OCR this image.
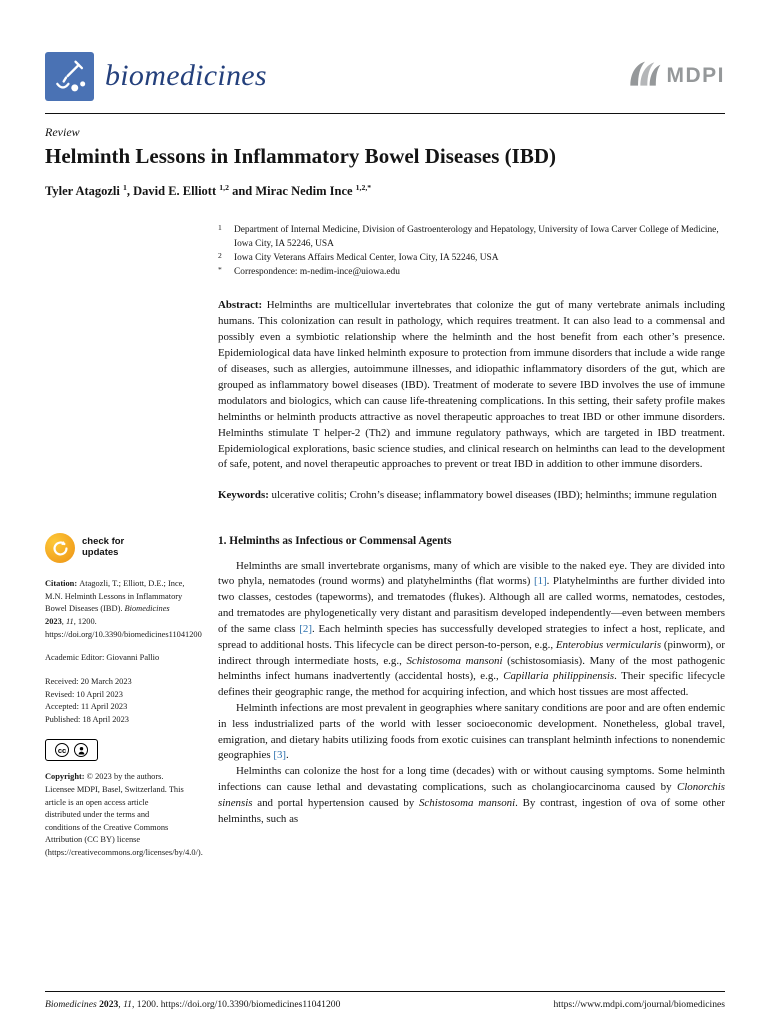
biomedicines	MDPI
Review
Helminth Lessons in Inflammatory Bowel Diseases (IBD)
Tyler Atagozli $^1$, David E. Elliott $^{1,2}$ and Mirac Nedim Ince $^{1,2,*}$
1	Department of Internal Medicine, Division of Gastroenterology and Hepatology, University of Iowa Carver College of Medicine, Iowa City, IA 52246, USA
2	Iowa City Veterans Affairs Medical Center, Iowa City, IA 52246, USA
*	Correspondence: m-nedim-ince@uiowa.edu
Abstract: Helminths are multicellular invertebrates that colonize the gut of many vertebrate animals including humans. This colonization can result in pathology, which requires treatment. It can also lead to a commensal and possibly even a symbiotic relationship where the helminth and the host benefit from each other’s presence. Epidemiological data have linked helminth exposure to protection from immune disorders that include a wide range of diseases, such as allergies, autoimmune illnesses, and idiopathic inflammatory disorders of the gut, which are grouped as inflammatory bowel diseases (IBD). Treatment of moderate to severe IBD involves the use of immune modulators and biologics, which can cause life-threatening complications. In this setting, their safety profile makes helminths or helminth products attractive as novel therapeutic approaches to treat IBD or other immune disorders. Helminths stimulate T helper-2 (Th2) and immune regulatory pathways, which are targeted in IBD treatment. Epidemiological explorations, basic science studies, and clinical research on helminths can lead to the development of safe, potent, and novel therapeutic approaches to prevent or treat IBD in addition to other immune disorders.
Keywords: ulcerative colitis; Crohn’s disease; inflammatory bowel diseases (IBD); helminths; immune regulation
check for
updates
Citation: Atagozli, T.; Elliott, D.E.; Ince, M.N. Helminth Lessons in Inflammatory Bowel Diseases (IBD). Biomedicines 2023, 11, 1200. https://doi.org/10.3390/biomedicines11041200
Academic Editor: Giovanni Pallio
Received: 20 March 2023
Revised: 10 April 2023
Accepted: 11 April 2023
Published: 18 April 2023
cc
Copyright: © 2023 by the authors. Licensee MDPI, Basel, Switzerland. This article is an open access article distributed under the terms and conditions of the Creative Commons Attribution (CC BY) license (https://creativecommons.org/licenses/by/4.0/).
1. Helminths as Infectious or Commensal Agents

Helminths are small invertebrate organisms, many of which are visible to the naked eye. They are divided into two phyla, nematodes (round worms) and platyhelminths (flat worms) [1]. Platyhelminths are further divided into two classes, cestodes (tapeworms), and trematodes (flukes). Although all are called worms, nematodes, cestodes, and trematodes are phylogenetically very distant and parasitism developed independently—even between members of the same class [2]. Each helminth species has successfully developed strategies to infect a host, replicate, and spread to additional hosts. This lifecycle can be direct person-to-person, e.g., Enterobius vermicularis (pinworm), or indirect through intermediate hosts, e.g., Schistosoma mansoni (schistosomiasis). Many of the most pathogenic helminths infect humans inadvertently (accidental hosts), e.g., Capillaria philippinensis. Their specific lifecycle defines their geographic range, the method for acquiring infection, and which host tissues are most affected.

Helminth infections are most prevalent in geographies where sanitary conditions are poor and are often endemic in less industrialized parts of the world with lesser socioeconomic development. Nonetheless, global travel, emigration, and dietary habits utilizing foods from exotic cuisines can transplant helminth infections to nonendemic geographies [3].

Helminths can colonize the host for a long time (decades) with or without causing symptoms. Some helminth infections can cause lethal and devastating complications, such as cholangiocarcinoma caused by Clonorchis sinensis and portal hypertension caused by Schistosoma mansoni. By contrast, ingestion of ova of some other helminths, such as

Biomedicines 2023, 11, 1200. https://doi.org/10.3390/biomedicines11041200	https://www.mdpi.com/journal/biomedicines
